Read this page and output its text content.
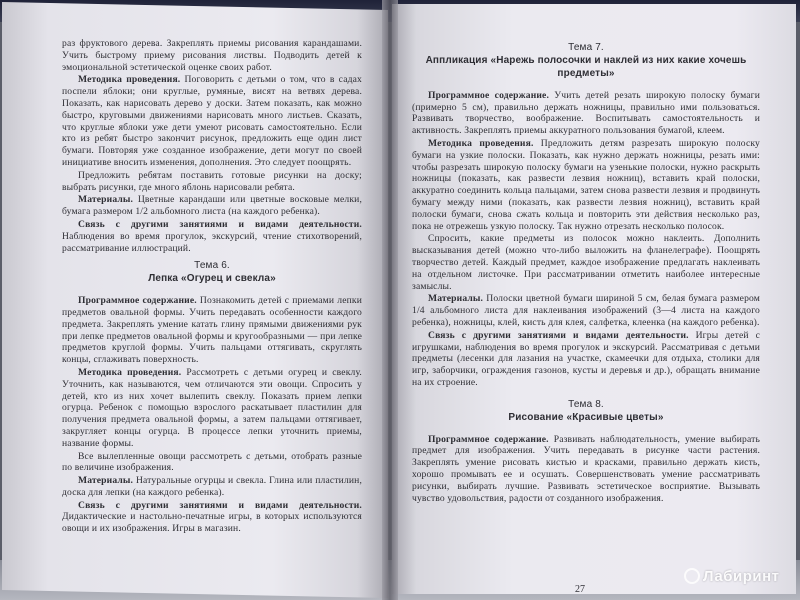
раз фруктового дерева. Закреплять приемы рисования карандашами. Учить быстрому приему рисования листвы. Подводить детей к эмоциональной эстетической оценке своих работ.

Методика проведения. Поговорить с детьми о том, что в садах поспели яблоки; они круглые, румяные, висят на ветвях дерева. Показать, как нарисовать дерево у доски. Затем показать, как можно быстро, круговыми движениями нарисовать много листьев. Сказать, что круглые яблоки уже дети умеют рисовать самостоятельно. Если кто из ребят быстро закончит рисунок, предложить еще один лист бумаги. Повторяя уже созданное изображение, дети могут по своей инициативе вносить изменения, дополнения. Это следует поощрять.

Предложить ребятам поставить готовые рисунки на доску; выбрать рисунки, где много яблонь нарисовали ребята.

Материалы. Цветные карандаши или цветные восковые мелки, бумага размером 1/2 альбомного листа (на каждого ребенка).

Связь с другими занятиями и видами деятельности. Наблюдения во время прогулок, экскурсий, чтение стихотворений, рассматривание иллюстраций.

Тема 6.
Лепка «Огурец и свекла»

Программное содержание. Познакомить детей с приемами лепки предметов овальной формы. Учить передавать особенности каждого предмета. Закреплять умение катать глину прямыми движениями рук при лепке предметов овальной формы и кругообразными — при лепке предметов круглой формы. Учить пальцами оттягивать, скруглять концы, сглаживать поверхность.

Методика проведения. Рассмотреть с детьми огурец и свеклу. Уточнить, как называются, чем отличаются эти овощи. Спросить у детей, кто из них хочет вылепить свеклу. Показать прием лепки огурца. Ребенок с помощью взрослого раскатывает пластилин для получения предмета овальной формы, а затем пальцами оттягивает, закругляет концы огурца. В процессе лепки уточнить приемы, название формы.

Все вылепленные овощи рассмотреть с детьми, отобрать разные по величине изображения.

Материалы. Натуральные огурцы и свекла. Глина или пластилин, доска для лепки (на каждого ребенка).

Связь с другими занятиями и видами деятельности. Дидактические и настольно-печатные игры, в которых используются овощи и их изображения. Игры в магазин.

Тема 7.
Аппликация «Нарежь полосочки и наклей из них какие хочешь предметы»

Программное содержание. Учить детей резать широкую полоску бумаги (примерно 5 см), правильно держать ножницы, правильно ими пользоваться. Развивать творчество, воображение. Воспитывать самостоятельность и активность. Закреплять приемы аккуратного пользования бумагой, клеем.

Методика проведения. Предложить детям разрезать широкую полоску бумаги на узкие полоски. Показать, как нужно держать ножницы, резать ими: чтобы разрезать широкую полоску бумаги на узенькие полоски, нужно раскрыть ножницы (показать, как развести лезвия ножниц), вставить край полоски, аккуратно соединить кольца пальцами, затем снова развести лезвия и продвинуть бумагу между ними (показать, как развести лезвия ножниц), вставить край полоски бумаги, снова сжать кольца и повторить эти действия несколько раз, пока не отрежешь узкую полоску. Так нужно отрезать несколько полосок.

Спросить, какие предметы из полосок можно наклеить. Дополнить высказывания детей (можно что-либо выложить на фланелеграфе). Поощрять творчество детей. Каждый предмет, каждое изображение предлагать наклеивать на отдельном листочке. При рассматривании отметить наиболее интересные замыслы.

Материалы. Полоски цветной бумаги шириной 5 см, белая бумага размером 1/4 альбомного листа для наклеивания изображений (3—4 листа на каждого ребенка), ножницы, клей, кисть для клея, салфетка, клеенка (на каждого ребенка).

Связь с другими занятиями и видами деятельности. Игры детей с игрушками, наблюдения во время прогулок и экскурсий. Рассматривая с детьми предметы (лесенки для лазания на участке, скамеечки для отдыха, столики для игр, заборчики, ограждения газонов, кусты и деревья и др.), обращать внимание на их строение.

Тема 8.
Рисование «Красивые цветы»

Программное содержание. Развивать наблюдательность, умение выбирать предмет для изображения. Учить передавать в рисунке части растения. Закреплять умение рисовать кистью и красками, правильно держать кисть, хорошо промывать ее и осушать. Совершенствовать умение рассматривать рисунки, выбирать лучшие. Развивать эстетическое восприятие. Вызывать чувство удовольствия, радости от созданного изображения.

27
Лабиринт
